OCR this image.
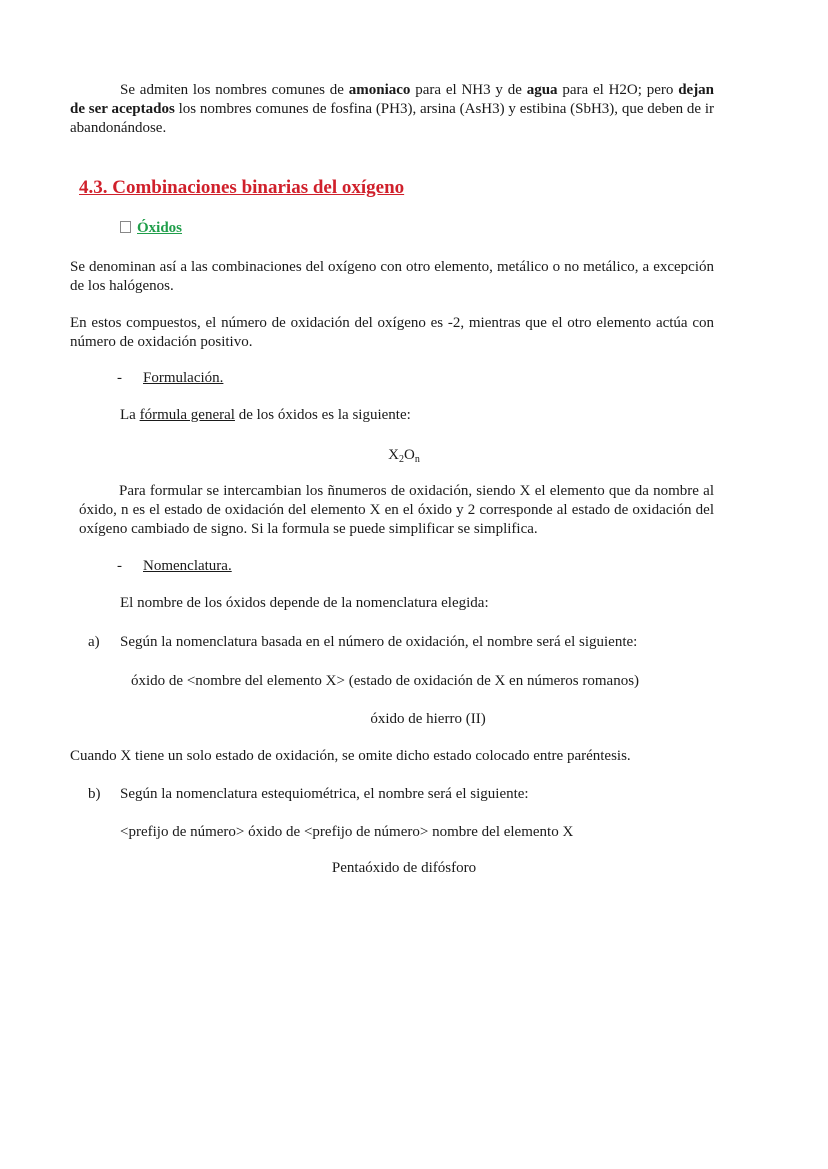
Se admiten los nombres comunes de amoniaco para el NH3 y de agua para el H2O; pero dejan de ser aceptados los nombres comunes de fosfina (PH3), arsina (AsH3) y estibina (SbH3), que deben de ir abandonándose.
4.3. Combinaciones binarias del oxígeno
Óxidos
Se denominan así a las combinaciones del oxígeno con otro elemento, metálico o no metálico, a excepción de los halógenos.
En estos compuestos, el número de oxidación del oxígeno es -2, mientras que el otro elemento actúa con número de oxidación positivo.
- Formulación.
La fórmula general de los óxidos es la siguiente:
$X_2O_n$
Para formular se intercambian los ñnumeros de oxidación, siendo X el elemento que da nombre al óxido, n es el estado de oxidación del elemento X en el óxido y 2 corresponde al estado de oxidación del oxígeno cambiado de signo. Si la formula se puede simplificar se simplifica.
- Nomenclatura.
El nombre de los óxidos depende de la nomenclatura elegida:
a) Según la nomenclatura basada en el número de oxidación, el nombre será el siguiente:
óxido de <nombre del elemento X> (estado de oxidación de X en números romanos)
óxido de hierro (II)
Cuando X tiene un solo estado de oxidación, se omite dicho estado colocado entre paréntesis.
b) Según la nomenclatura estequiométrica, el nombre será el siguiente:
<prefijo de número> óxido de <prefijo de número> nombre del elemento X
Pentaóxido de difósforo
